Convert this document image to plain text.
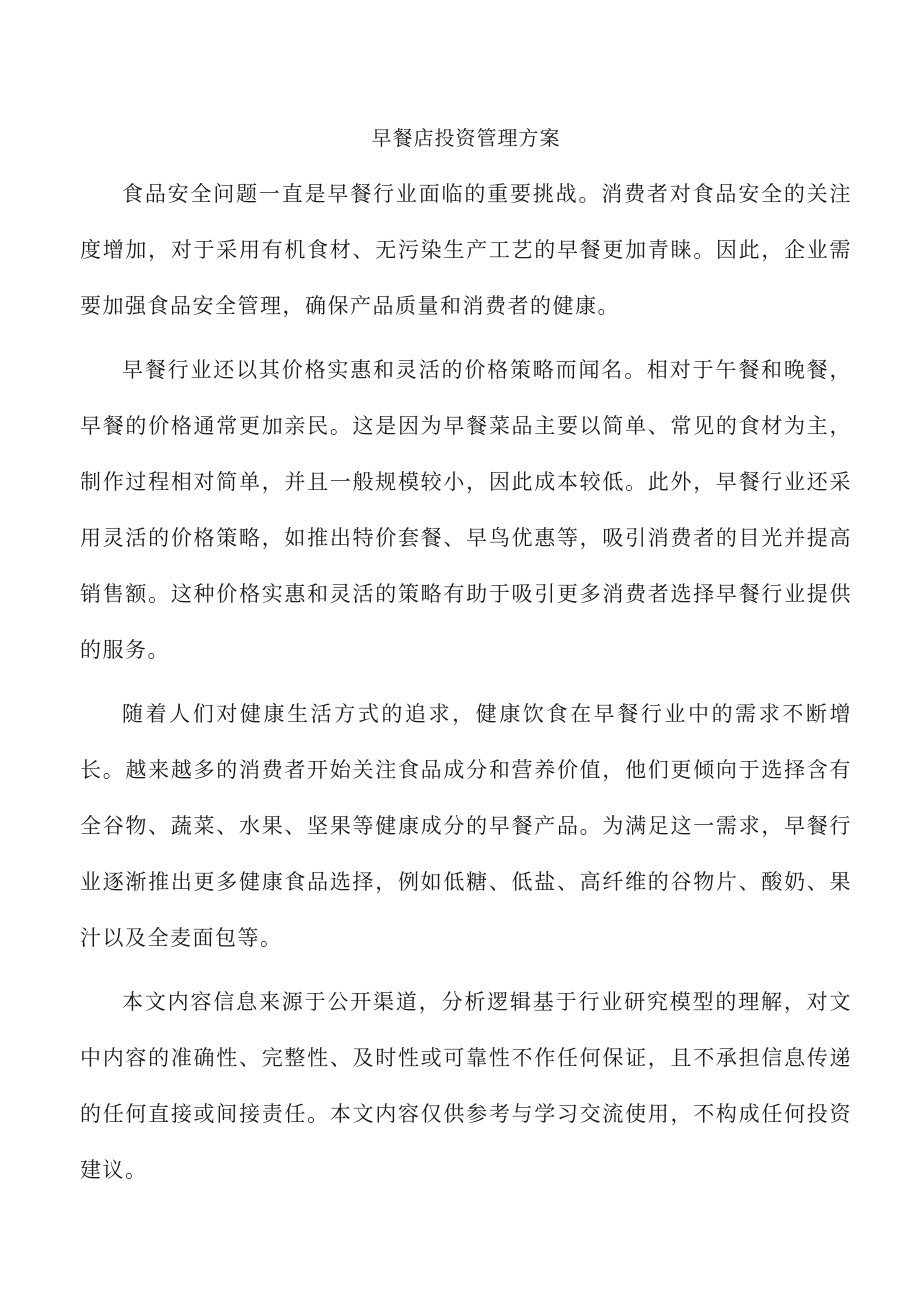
早餐店投资管理方案

食品安全问题一直是早餐行业面临的重要挑战。消费者对食品安全的关注度增加，对于采用有机食材、无污染生产工艺的早餐更加青睐。因此，企业需要加强食品安全管理，确保产品质量和消费者的健康。

早餐行业还以其价格实惠和灵活的价格策略而闻名。相对于午餐和晚餐，早餐的价格通常更加亲民。这是因为早餐菜品主要以简单、常见的食材为主，制作过程相对简单，并且一般规模较小，因此成本较低。此外，早餐行业还采用灵活的价格策略，如推出特价套餐、早鸟优惠等，吸引消费者的目光并提高销售额。这种价格实惠和灵活的策略有助于吸引更多消费者选择早餐行业提供的服务。

随着人们对健康生活方式的追求，健康饮食在早餐行业中的需求不断增长。越来越多的消费者开始关注食品成分和营养价值，他们更倾向于选择含有全谷物、蔬菜、水果、坚果等健康成分的早餐产品。为满足这一需求，早餐行业逐渐推出更多健康食品选择，例如低糖、低盐、高纤维的谷物片、酸奶、果汁以及全麦面包等。

本文内容信息来源于公开渠道，分析逻辑基于行业研究模型的理解，对文中内容的准确性、完整性、及时性或可靠性不作任何保证，且不承担信息传递的任何直接或间接责任。本文内容仅供参考与学习交流使用，不构成任何投资建议。
